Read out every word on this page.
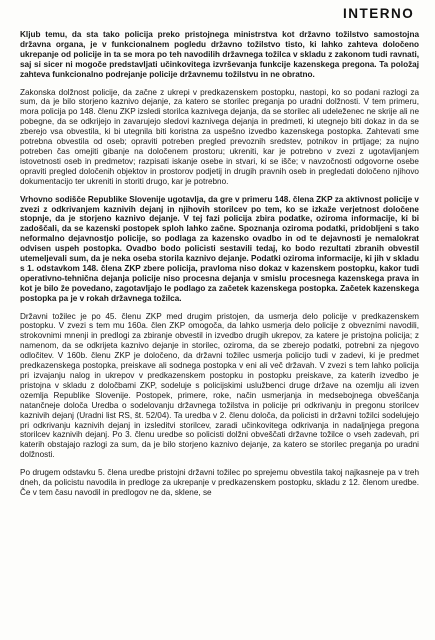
INTERNO

Kljub temu, da sta tako policija preko pristojnega ministrstva kot državno tožilstvo samostojna državna organa, je v funkcionalnem pogledu državno tožilstvo tisto, ki lahko zahteva določeno ukrepanje od policije in ta se mora po teh navodilih državnega tožilca v skladu z zakonom tudi ravnati, saj si sicer ni mogoče predstavljati učinkovitega izvrševanja funkcije kazenskega pregona. Ta položaj zahteva funkcionalno podrejanje policije državnemu tožilstvu in ne obratno.

Zakonska dolžnost policije, da začne z ukrepi v predkazenskem postopku, nastopi, ko so podani razlogi za sum, da je bilo storjeno kaznivo dejanje, za katero se storilec preganja po uradni dolžnosti. V tem primeru, mora policija po 148. členu ZKP izsledi storilca kaznivega dejanja, da se storilec ali udeleženec ne skrije ali ne pobegne, da se odkrijejo in zavarujejo sledovi kaznivega dejanja in predmeti, ki utegnejo biti dokaz in da se zberejo vsa obvestila, ki bi utegnila biti koristna za uspešno izvedbo kazenskega postopka. Zahtevati sme potrebna obvestila od oseb; opraviti potreben pregled prevoznih sredstev, potnikov in prtljage; za nujno potreben čas omejiti gibanje na določenem prostoru; ukreniti, kar je potrebno v zvezi z ugotavljanjem istovetnosti oseb in predmetov; razpisati iskanje osebe in stvari, ki se išče; v navzočnosti odgovorne osebe opraviti pregled določenih objektov in prostorov podjetij in drugih pravnih oseb in pregledati določeno njihovo dokumentacijo ter ukreniti in storiti drugo, kar je potrebno.

Vrhovno sodišče Republike Slovenije ugotavlja, da gre v primeru 148. člena ZKP za aktivnost policije v zvezi z odkrivanjem kaznivih dejanj in njihovih storilcev po tem, ko se izkaže verjetnost določene stopnje, da je storjeno kaznivo dejanje. V tej fazi policija zbira podatke, oziroma informacije, ki bi zadoščali, da se kazenski postopek sploh lahko začne. Spoznanja oziroma podatki, pridobljeni s tako neformalno dejavnostjo policije, so podlaga za kazensko ovadbo in od te dejavnosti je nemalokrat odvisen uspeh postopka. Ovadbo bodo policisti sestavili tedaj, ko bodo rezultati zbranih obvestil utemeljevali sum, da je neka oseba storila kaznivo dejanje. Podatki oziroma informacije, ki jih v skladu s 1. odstavkom 148. člena ZKP zbere policija, pravloma niso dokaz v kazenskem postopku, kakor tudi operativno-tehnična dejanja policije niso procesna dejanja v smislu procesnega kazenskega prava in kot je bilo že povedano, zagotavljajo le podlago za začetek kazenskega postopka. Začetek kazenskega postopka pa je v rokah državnega tožilca.

Državni tožilec je po 45. členu ZKP med drugim pristojen, da usmerja delo policije v predkazenskem postopku. V zvezi s tem mu 160a. člen ZKP omogoča, da lahko usmerja delo policije z obvezními navodili, strokovnimi mnenji in predlogi za zbiranje obvestil in izvedbo drugih ukrepov, za katere je pristojna policija; z namenom, da se odkrijeta kaznivo dejanje in storilec, oziroma, da se zberejo podatki, potrebni za njegovo odločitev. V 160b. členu ZKP je določeno, da državni tožilec usmerja policijo tudi v zadevi, ki je predmet predkazenskega postopka, preiskave ali sodnega postopka v eni ali več državah. V zvezi s tem lahko policija pri izvajanju nalog in ukrepov v predkazenskem postopku in postopku preiskave, za katerih izvedbo je pristojna v skladu z določbami ZKP, sodeluje s policijskimi uslužbenci druge države na ozemlju ali izven ozemlja Republike Slovenije. Postopek, primere, roke, način usmerjanja in medsebojnega obveščanja natančneje določa Uredba o sodelovanju državnega tožilstva in policije pri odkrivanju in pregonu storilcev kaznivih dejanj (Uradni list RS, št. 52/04). Ta uredba v 2. členu določa, da policisti in državni tožilci sodelujejo pri odkrivanju kaznivih dejanj in izsleditvi storilcev, zaradi učinkovitega odkrivanja in nadaljnjega pregona storilcev kaznivih dejanj. Po 3. členu uredbe so policisti dolžni obveščati državne tožilce o vseh zadevah, pri katerih obstajajo razlogi za sum, da je bilo storjeno kaznivo dejanje, za katero se storilec preganja po uradni dolžnosti.

Po drugem odstavku 5. člena uredbe pristojni državni tožilec po sprejemu obvestila takoj najkasneje pa v treh dneh, da policistu navodila in predloge za ukrepanje v predkazenskem postopku, skladu z 12. členom uredbe. Če v tem času navodil in predlogov ne da, sklene, se
